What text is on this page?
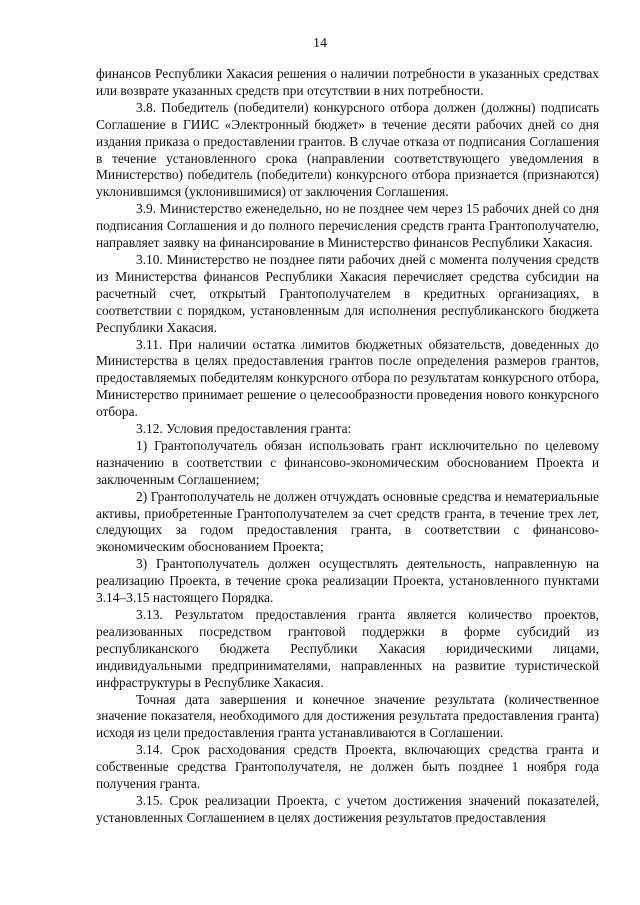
14

финансов Республики Хакасия решения о наличии потребности в указанных средствах или возврате указанных средств при отсутствии в них потребности.

3.8. Победитель (победители) конкурсного отбора должен (должны) подписать Соглашение в ГИИС «Электронный бюджет» в течение десяти рабочих дней со дня издания приказа о предоставлении грантов. В случае отказа от подписания Соглашения в течение установленного срока (направлении соответствующего уведомления в Министерство) победитель (победители) конкурсного отбора признается (признаются) уклонившимся (уклонившимися) от заключения Соглашения.

3.9. Министерство еженедельно, но не позднее чем через 15 рабочих дней со дня подписания Соглашения и до полного перечисления средств гранта Грантополучателю, направляет заявку на финансирование в Министерство финансов Республики Хакасия.

3.10. Министерство не позднее пяти рабочих дней с момента получения средств из Министерства финансов Республики Хакасия перечисляет средства субсидии на расчетный счет, открытый Грантополучателем в кредитных организациях, в соответствии с порядком, установленным для исполнения республиканского бюджета Республики Хакасия.

3.11. При наличии остатка лимитов бюджетных обязательств, доведенных до Министерства в целях предоставления грантов после определения размеров грантов, предоставляемых победителям конкурсного отбора по результатам конкурсного отбора, Министерство принимает решение о целесообразности проведения нового конкурсного отбора.

3.12. Условия предоставления гранта:

1) Грантополучатель обязан использовать грант исключительно по целевому назначению в соответствии с финансово-экономическим обоснованием Проекта и заключенным Соглашением;

2) Грантополучатель не должен отчуждать основные средства и нематериальные активы, приобретенные Грантополучателем за счет средств гранта, в течение трех лет, следующих за годом предоставления гранта, в соответствии с финансово-экономическим обоснованием Проекта;

3) Грантополучатель должен осуществлять деятельность, направленную на реализацию Проекта, в течение срока реализации Проекта, установленного пунктами 3.14–3.15 настоящего Порядка.

3.13. Результатом предоставления гранта является количество проектов, реализованных посредством грантовой поддержки в форме субсидий из республиканского бюджета Республики Хакасия юридическими лицами, индивидуальными предпринимателями, направленных на развитие туристической инфраструктуры в Республике Хакасия.

Точная дата завершения и конечное значение результата (количественное значение показателя, необходимого для достижения результата предоставления гранта) исходя из цели предоставления гранта устанавливаются в Соглашении.

3.14. Срок расходования средств Проекта, включающих средства гранта и собственные средства Грантополучателя, не должен быть позднее 1 ноября года получения гранта.

3.15. Срок реализации Проекта, с учетом достижения значений показателей, установленных Соглашением в целях достижения результатов предоставления
